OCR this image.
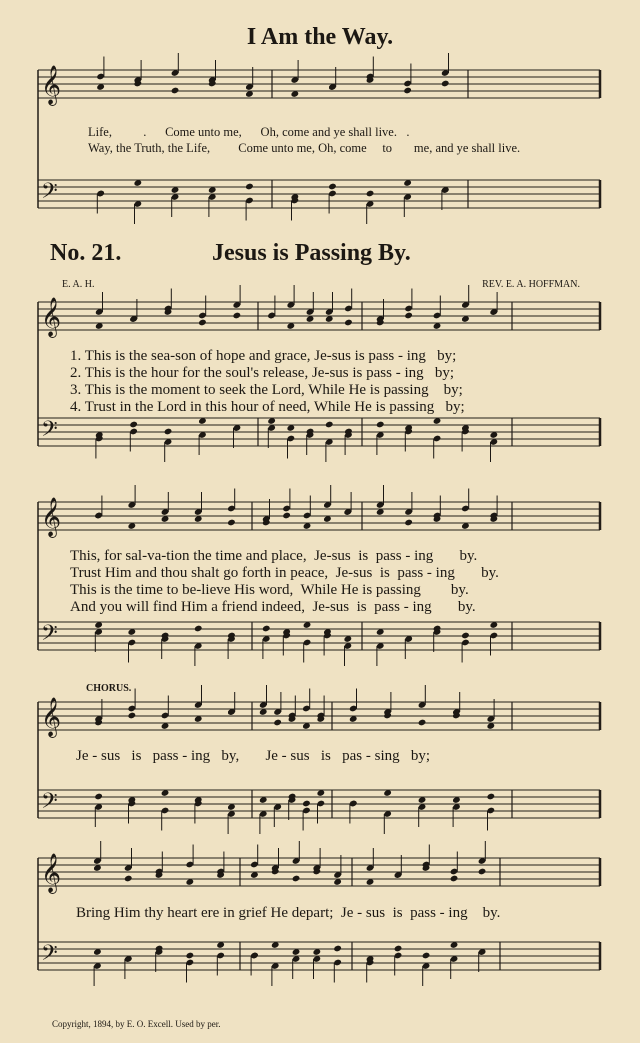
𝄞
𝄢
𝄞
𝄢
𝄞
𝄢
𝄞
𝄢
𝄞
𝄢
I Am the Way.
Life,          .      Come unto me,      Oh, come and ye shall live.   .
Way, the Truth, the Life,         Come unto me, Oh, come     to       me, and ye shall live.
No. 21.	Jesus is Passing By.
E. A. H.	REV. E. A. HOFFMAN.
1. This is the sea-son of hope and grace, Je-sus is pass - ing   by;
2. This is the hour for the soul's release, Je-sus is pass - ing   by;
3. This is the moment to seek the Lord, While He is passing    by;
4. Trust in the Lord in this hour of need, While He is passing   by;
This, for sal-va-tion the time and place,  Je-sus  is  pass - ing       by.
Trust Him and thou shalt go forth in peace,  Je-sus  is  pass - ing       by.
This is the time to be-lieve His word,  While He is passing        by.
And you will find Him a friend indeed,  Je-sus  is  pass - ing       by.
CHORUS.
Je - sus   is   pass - ing   by,       Je - sus   is   pas - sing   by;
Bring Him thy heart ere in grief He depart;  Je - sus  is  pass - ing    by.
Copyright, 1894, by E. O. Excell. Used by per.
